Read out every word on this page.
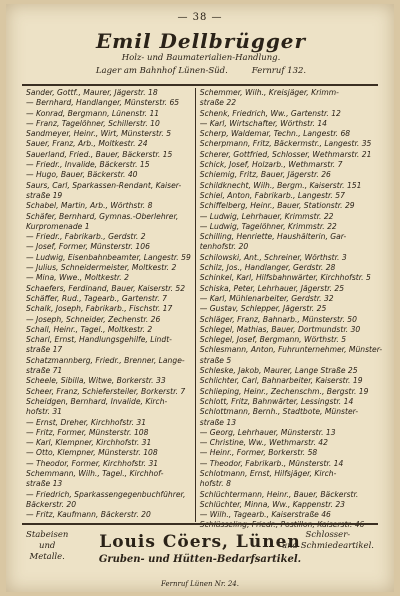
— 38 —
Emil Dellbrügger
Holz- und Baumaterialien-Handlung.
Lager am Bahnhof Lünen-Süd.	Fernruf 132.
Sander, Gottf., Maurer, Jägerstr. 18
— Bernhard, Handlanger, Münsterstr. 65
— Konrad, Bergmann, Lünenstr. 11
— Franz, Tagelöhner, Schillerstr. 10
Sandmeyer, Heinr., Wirt, Münsterstr. 5
Sauer, Franz, Arb., Moltkestr. 24
Sauerland, Fried., Bauer, Bäckerstr. 15
— Friedr., Invalide, Bäckerstr. 15
— Hugo, Bauer, Bäckerstr. 40
Saurs, Carl, Sparkassen-Rendant, Kaiser-
straße 19
Schabel, Martin, Arb., Wörthstr. 8
Schäfer, Bernhard, Gymnas.-Oberlehrer,
Kurpromenade 1
— Friedr., Fabrikarb., Gerdstr. 2
— Josef, Former, Münsterstr. 106
— Ludwig, Eisenbahnbeamter, Langestr. 59
— Julius, Schneidermeister, Moltkestr. 2
— Mina, Wwe., Moltkestr. 2
Schaefers, Ferdinand, Bauer, Kaiserstr. 52
Schäffer, Rud., Tagearb., Gartenstr. 7
Schalk, Joseph, Fabrikarb., Fischstr. 17
— Joseph, Schneider, Zechenstr. 26
Schall, Heinr., Tagel., Moltkestr. 2
Scharl, Ernst, Handlungsgehilfe, Lindt-
straße 17
Schatzmannberg, Friedr., Brenner, Lange-
straße 71
Scheele, Sibilla, Witwe, Borkerstr. 33
Scheer, Franz, Schiefersteiler, Borkerstr. 7
Scheidgen, Bernhard, Invalide, Kirch-
hofstr. 31
— Ernst, Dreher, Kirchhofstr. 31
— Fritz, Former, Münsterstr. 108
— Karl, Klempner, Kirchhofstr. 31
— Otto, Klempner, Münsterstr. 108
— Theodor, Former, Kirchhofstr. 31
Schemmann, Wilh., Tagel., Kirchhof-
straße 13
— Friedrich, Sparkassengegenbuchführer,
Bäckerstr. 20
— Fritz, Kaufmann, Bäckerstr. 20
Schemmer, Wilh., Kreisjäger, Krimm-
straße 22
Schenk, Friedrich, Ww., Gartenstr. 12
— Karl, Wirtschafter, Wörthstr. 14
Scherp, Waldemar, Techn., Langestr. 68
Scherpmann, Fritz, Bäckermstr., Langestr. 35
Scherer, Gottfried, Schlosser, Wethmarstr. 21
Schick, Josef, Holzarb., Wethmarstr. 7
Schiemig, Fritz, Bauer, Jägerstr. 26
Schildknecht, Wilh., Bergm., Kaiserstr. 151
Schiel, Anton, Fabrikarb., Langestr. 57
Schiffelberg, Heinr., Bauer, Stationstr. 29
— Ludwig, Lehrhauer, Krimmstr. 22
— Ludwig, Tagelöhner, Krimmstr. 22
Schilling, Henriette, Haushälterin, Gar-
tenhofstr. 20
Schilowski, Ant., Schreiner, Wörthstr. 3
Schilz, Jos., Handlanger, Gerdstr. 28
Schinkel, Karl, Hilfsbahnwärter, Kirchhofstr. 5
Schiska, Peter, Lehrhauer, Jägerstr. 25
— Karl, Mühlenarbeiter, Gerdstr. 32
— Gustav, Schlepper, Jägerstr. 25
Schläger, Franz, Bahnarb., Münsterstr. 50
Schlegel, Mathias, Bauer, Dortmundstr. 30
Schlegel, Josef, Bergmann, Wörthstr. 5
Schlesmann, Anton, Fuhrunternehmer, Münster-
straße 5
Schleske, Jakob, Maurer, Lange Straße 25
Schlichter, Carl, Bahnarbeiter, Kaiserstr. 19
Schlieping, Heinr., Zechenschm., Bergstr. 19
Schlott, Fritz, Bahnwärter, Lessingstr. 14
Schlottmann, Bernh., Stadtbote, Münster-
straße 13
— Georg, Lehrhauer, Münsterstr. 13
— Christine, Ww., Wethmarstr. 42
— Heinr., Former, Borkerstr. 58
— Theodor, Fabrikarb., Münsterstr. 14
Schlotmann, Ernst, Hilfsjäger, Kirch-
hofstr. 8
Schlüchtermann, Heinr., Bauer, Bäckerstr.
Schlüchter, Minna, Ww., Kappenstr. 23
— Wilh., Tagearb., Kaiserstraße 46
Schlüsseling, Friedr., Postillon, Kaiserstr. 46
Stabeisen
und
Metalle.
Louis Cöers, Lünen Schlosser-
und Schmiedeartikel.
Gruben- und Hütten-Bedarfsartikel.
Fernruf Lünen Nr. 24.
